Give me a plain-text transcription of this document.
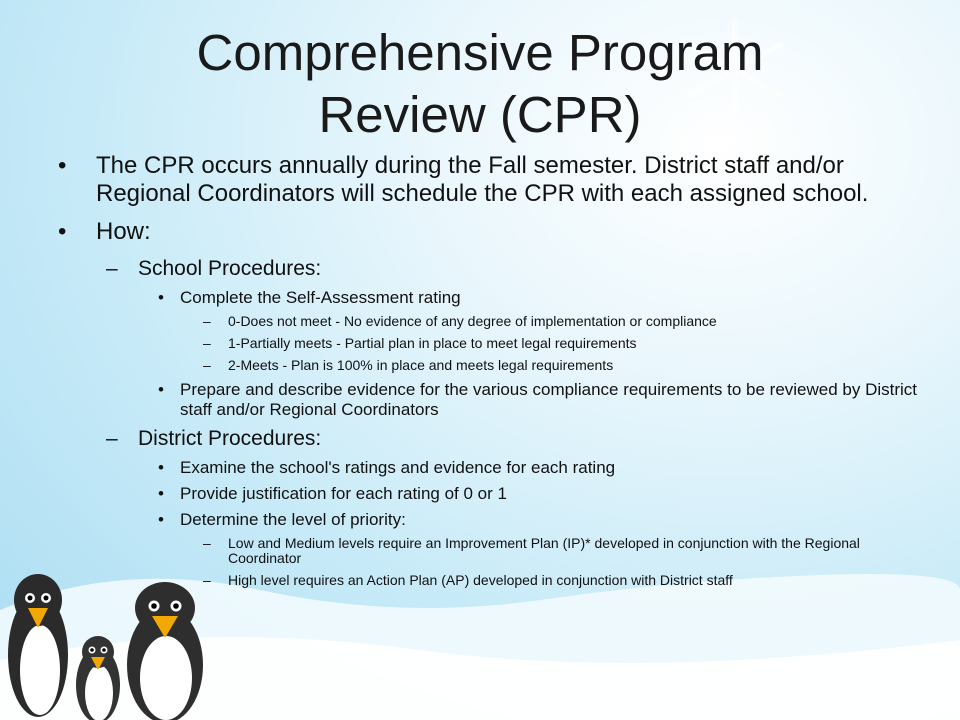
Comprehensive Program
Review (CPR)
• The CPR occurs annually during the Fall semester. District staff and/or Regional Coordinators will schedule the CPR with each assigned school.
• How:
– School Procedures:
• Complete the Self-Assessment rating
– 0-Does not meet - No evidence of any degree of implementation or compliance
– 1-Partially meets - Partial plan in place to meet legal requirements
– 2-Meets - Plan is 100% in place and meets legal requirements
• Prepare and describe evidence for the various compliance requirements to be reviewed by District staff and/or Regional Coordinators
– District Procedures:
• Examine the school's ratings and evidence for each rating
• Provide justification for each rating of 0 or 1
• Determine the level of priority:
– Low and Medium levels require an Improvement Plan (IP)* developed in conjunction with the Regional Coordinator
– High level requires an Action Plan (AP) developed in conjunction with District staff
